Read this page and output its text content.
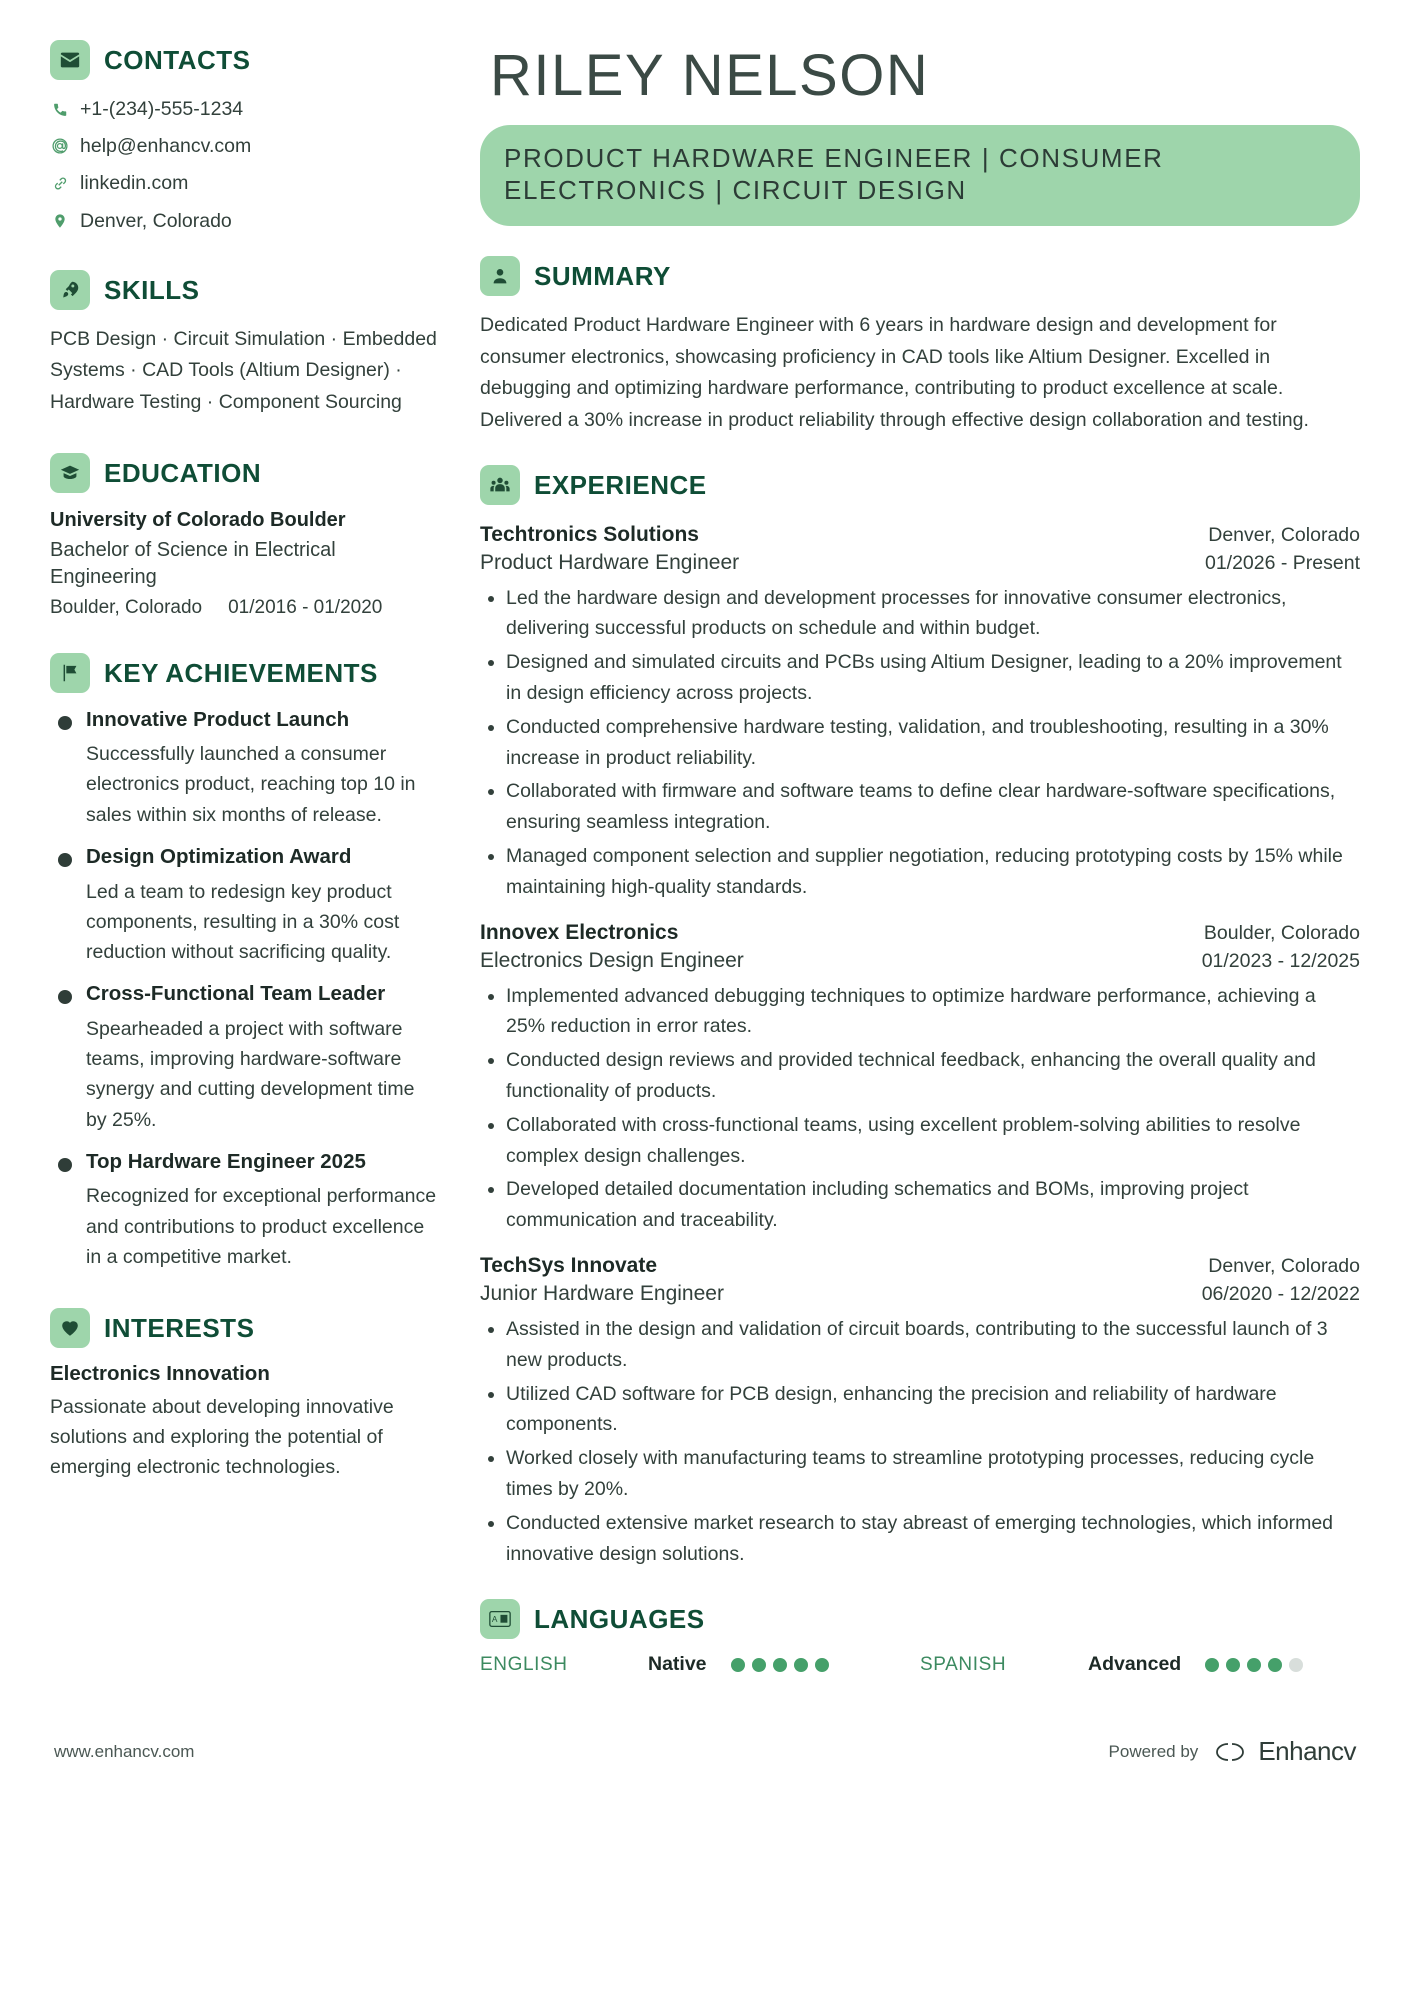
CONTACTS
+1-(234)-555-1234
help@enhancv.com
linkedin.com
Denver, Colorado
SKILLS
PCB Design · Circuit Simulation · Embedded Systems · CAD Tools (Altium Designer) · Hardware Testing · Component Sourcing
EDUCATION
University of Colorado Boulder
Bachelor of Science in Electrical Engineering
Boulder, Colorado 01/2016 - 01/2020
KEY ACHIEVEMENTS
Innovative Product Launch
Successfully launched a consumer electronics product, reaching top 10 in sales within six months of release.
Design Optimization Award
Led a team to redesign key product components, resulting in a 30% cost reduction without sacrificing quality.
Cross-Functional Team Leader
Spearheaded a project with software teams, improving hardware-software synergy and cutting development time by 25%.
Top Hardware Engineer 2025
Recognized for exceptional performance and contributions to product excellence in a competitive market.
INTERESTS
Electronics Innovation
Passionate about developing innovative solutions and exploring the potential of emerging electronic technologies.
RILEY NELSON
PRODUCT HARDWARE ENGINEER | CONSUMER ELECTRONICS | CIRCUIT DESIGN
SUMMARY
Dedicated Product Hardware Engineer with 6 years in hardware design and development for consumer electronics, showcasing proficiency in CAD tools like Altium Designer. Excelled in debugging and optimizing hardware performance, contributing to product excellence at scale. Delivered a 30% increase in product reliability through effective design collaboration and testing.
EXPERIENCE
Techtronics Solutions	Denver, Colorado
Product Hardware Engineer	01/2026 - Present
• Led the hardware design and development processes for innovative consumer electronics, delivering successful products on schedule and within budget.
• Designed and simulated circuits and PCBs using Altium Designer, leading to a 20% improvement in design efficiency across projects.
• Conducted comprehensive hardware testing, validation, and troubleshooting, resulting in a 30% increase in product reliability.
• Collaborated with firmware and software teams to define clear hardware-software specifications, ensuring seamless integration.
• Managed component selection and supplier negotiation, reducing prototyping costs by 15% while maintaining high-quality standards.
Innovex Electronics	Boulder, Colorado
Electronics Design Engineer	01/2023 - 12/2025
• Implemented advanced debugging techniques to optimize hardware performance, achieving a 25% reduction in error rates.
• Conducted design reviews and provided technical feedback, enhancing the overall quality and functionality of products.
• Collaborated with cross-functional teams, using excellent problem-solving abilities to resolve complex design challenges.
• Developed detailed documentation including schematics and BOMs, improving project communication and traceability.
TechSys Innovate	Denver, Colorado
Junior Hardware Engineer	06/2020 - 12/2022
• Assisted in the design and validation of circuit boards, contributing to the successful launch of 3 new products.
• Utilized CAD software for PCB design, enhancing the precision and reliability of hardware components.
• Worked closely with manufacturing teams to streamline prototyping processes, reducing cycle times by 20%.
• Conducted extensive market research to stay abreast of emerging technologies, which informed innovative design solutions.
A LANGUAGES
ENGLISH	Native	SPANISH	Advanced
www.enhancv.com	Powered by Enhancv
